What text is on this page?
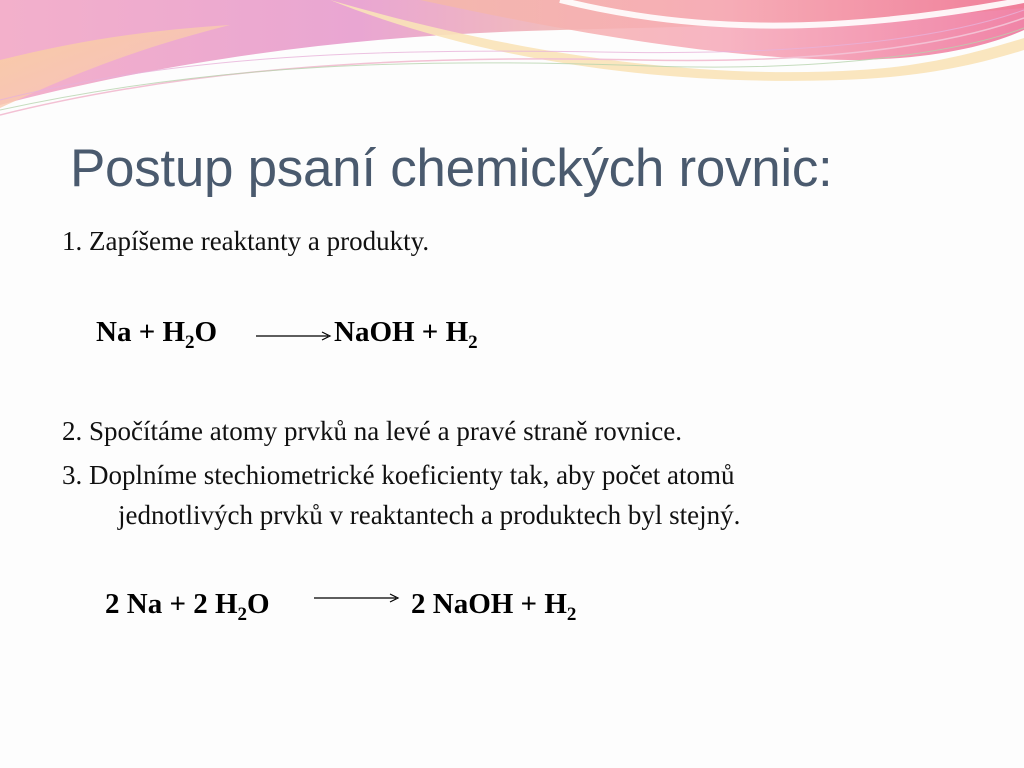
Postup psaní chemických rovnic:
1. Zapíšeme reaktanty a produkty.
$Na + H_2O$	NaOH + $H_2$
2. Spočítáme atomy prvků na levé a pravé straně rovnice.
3. Doplníme stechiometrické koeficienty tak, aby počet atomů
jednotlivých prvků v reaktantech a produktech byl stejný.
2 Na + 2 $H_2O$	2 NaOH + $H_2$
